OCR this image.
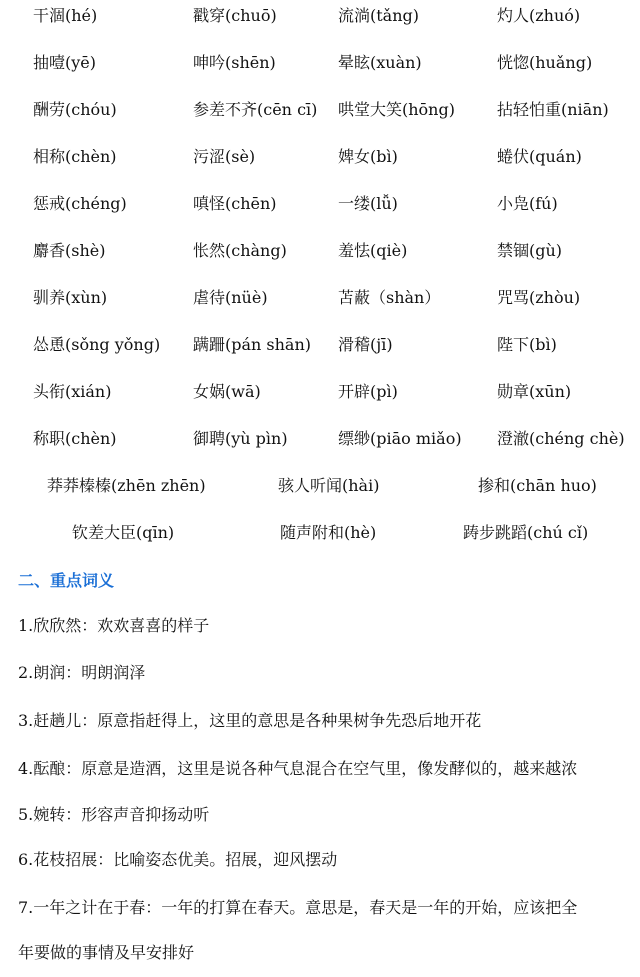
干涸(hé)	戳穿(chuō)	流淌(tǎng)	灼人(zhuó)
抽噎(yē)	呻吟(shēn)	晕眩(xuàn)	恍惚(huǎng)
酬劳(chóu)	参差不齐(cēn cī) 哄堂大笑(hōng)	拈轻怕重(niān)
相称(chèn)	污涩(sè)	婢女(bì)	蜷伏(quán)
惩戒(chéng)	嗔怪(chēn)	一缕(lǚ)	小凫(fú)
麝香(shè)	怅然(chàng)	羞怯(qiè)	禁锢(gù)
驯养(xùn)	虐待(nüè)	苫蔽（shàn）	咒骂(zhòu)
怂恿(sǒng yǒng) 蹒跚(pán shān) 滑稽(jī)	陛下(bì)
头衔(xián)	女娲(wā)	开辟(pì)	勋章(xūn)
称职(chèn)	御聘(yù pìn)	缥缈(piāo miǎo) 澄澈(chéng chè)
莽莽榛榛(zhēn zhēn)	骇人听闻(hài)	掺和(chān huo)
钦差大臣(qīn)	随声附和(hè)	踌步跳蹈(chú cǐ)
二、重点词义
1.欣欣然：欢欢喜喜的样子
2.朗润：明朗润泽
3.赶趟儿：原意指赶得上，这里的意思是各种果树争先恐后地开花
4.酝酿：原意是造酒，这里是说各种气息混合在空气里，像发酵似的，越来越浓
5.婉转：形容声音抑扬动听
6.花枝招展：比喻姿态优美。招展，迎风摆动
7.一年之计在于春：一年的打算在春天。意思是，春天是一年的开始，应该把全
年要做的事情及早安排好
